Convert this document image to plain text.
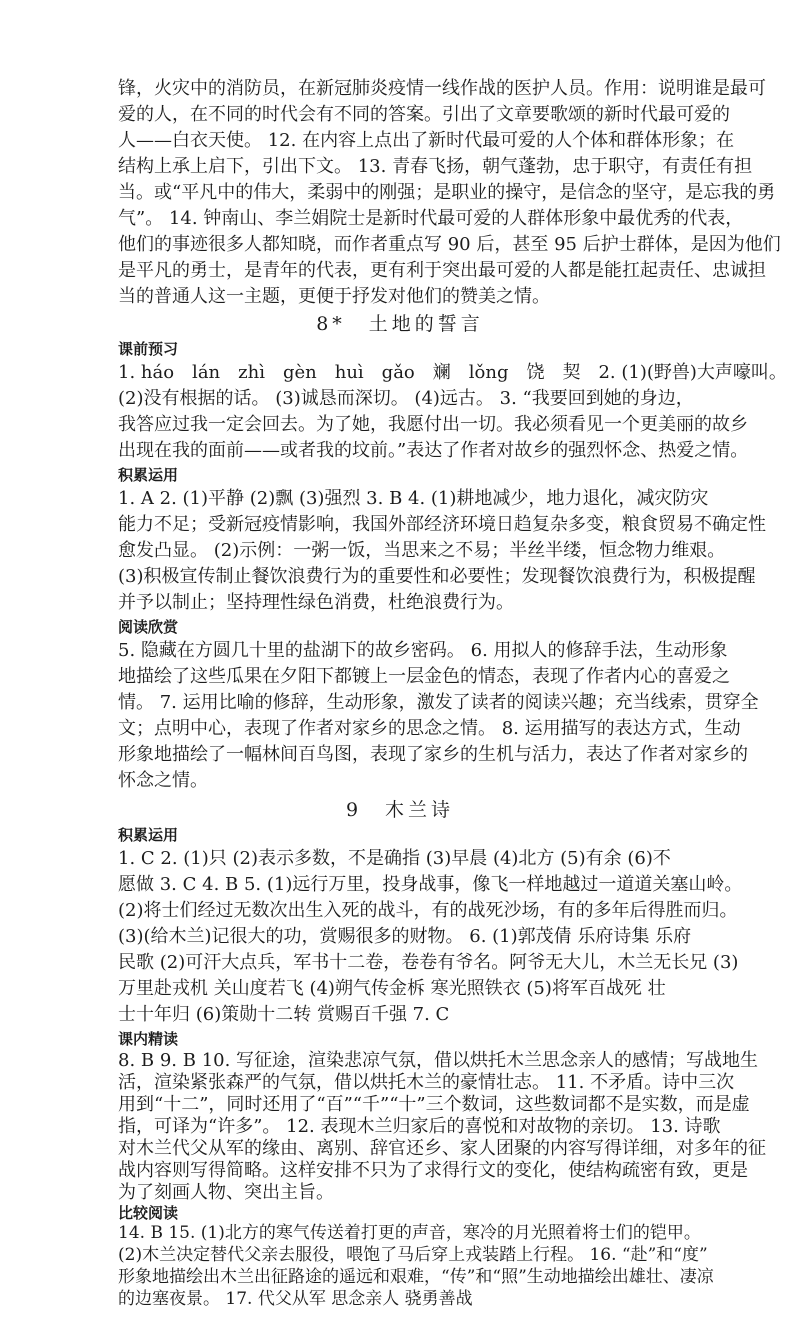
锋，火灾中的消防员，在新冠肺炎疫情一线作战的医护人员。作用：说明谁是最可
爱的人，在不同的时代会有不同的答案。引出了文章要歌颂的新时代最可爱的
人——白衣天使。 12. 在内容上点出了新时代最可爱的人个体和群体形象；在
结构上承上启下，引出下文。 13. 青春飞扬，朝气蓬勃，忠于职守，有责任有担
当。或“平凡中的伟大，柔弱中的刚强；是职业的操守，是信念的坚守，是忘我的勇
气”。 14. 钟南山、李兰娟院士是新时代最可爱的人群体形象中最优秀的代表，
他们的事迹很多人都知晓，而作者重点写 90 后，甚至 95 后护士群体，是因为他们
是平凡的勇士，是青年的代表，更有利于突出最可爱的人都是能扛起责任、忠诚担
当的普通人这一主题，更便于抒发对他们的赞美之情。
8*　土地的誓言
课前预习
1. háo　lán　zhì　gèn　huì　gǎo　斓　lǒng　饶　契　2. (1)(野兽)大声嚎叫。
(2)没有根据的话。 (3)诚恳而深切。 (4)远古。 3. “我要回到她的身边，
我答应过我一定会回去。为了她，我愿付出一切。我必须看见一个更美丽的故乡
出现在我的面前——或者我的坟前。”表达了作者对故乡的强烈怀念、热爱之情。
积累运用
1. A 2. (1)平静 (2)飘 (3)强烈 3. B 4. (1)耕地减少，地力退化，减灾防灾
能力不足；受新冠疫情影响，我国外部经济环境日趋复杂多变，粮食贸易不确定性
愈发凸显。 (2)示例：一粥一饭，当思来之不易；半丝半缕，恒念物力维艰。
(3)积极宣传制止餐饮浪费行为的重要性和必要性；发现餐饮浪费行为，积极提醒
并予以制止；坚持理性绿色消费，杜绝浪费行为。
阅读欣赏
5. 隐藏在方圆几十里的盐湖下的故乡密码。 6. 用拟人的修辞手法，生动形象
地描绘了这些瓜果在夕阳下都镀上一层金色的情态，表现了作者内心的喜爱之
情。 7. 运用比喻的修辞，生动形象，激发了读者的阅读兴趣；充当线索，贯穿全
文；点明中心，表现了作者对家乡的思念之情。 8. 运用描写的表达方式，生动
形象地描绘了一幅林间百鸟图，表现了家乡的生机与活力，表达了作者对家乡的
怀念之情。
9　木兰诗
积累运用
1. C 2. (1)只 (2)表示多数，不是确指 (3)早晨 (4)北方 (5)有余 (6)不
愿做 3. C 4. B 5. (1)远行万里，投身战事，像飞一样地越过一道道关塞山岭。
(2)将士们经过无数次出生入死的战斗，有的战死沙场，有的多年后得胜而归。
(3)(给木兰)记很大的功，赏赐很多的财物。 6. (1)郭茂倩 乐府诗集 乐府
民歌 (2)可汗大点兵，军书十二卷，卷卷有爷名。阿爷无大儿，木兰无长兄 (3)
万里赴戎机 关山度若飞 (4)朔气传金柝 寒光照铁衣 (5)将军百战死 壮
士十年归 (6)策勋十二转 赏赐百千强 7. C
课内精读
8. B 9. B 10. 写征途，渲染悲凉气氛，借以烘托木兰思念亲人的感情；写战地生
活，渲染紧张森严的气氛，借以烘托木兰的豪情壮志。 11. 不矛盾。诗中三次
用到“十二”，同时还用了“百”“千”“十”三个数词，这些数词都不是实数，而是虚
指，可译为“许多”。 12. 表现木兰归家后的喜悦和对故物的亲切。 13. 诗歌
对木兰代父从军的缘由、离别、辞官还乡、家人团聚的内容写得详细，对多年的征
战内容则写得简略。这样安排不只为了求得行文的变化，使结构疏密有致，更是
为了刻画人物、突出主旨。
比较阅读
14. B 15. (1)北方的寒气传送着打更的声音，寒冷的月光照着将士们的铠甲。
(2)木兰决定替代父亲去服役，喂饱了马后穿上戎装踏上行程。 16. “赴”和“度”
形象地描绘出木兰出征路途的遥远和艰难，“传”和“照”生动地描绘出雄壮、凄凉
的边塞夜景。 17. 代父从军 思念亲人 骁勇善战
